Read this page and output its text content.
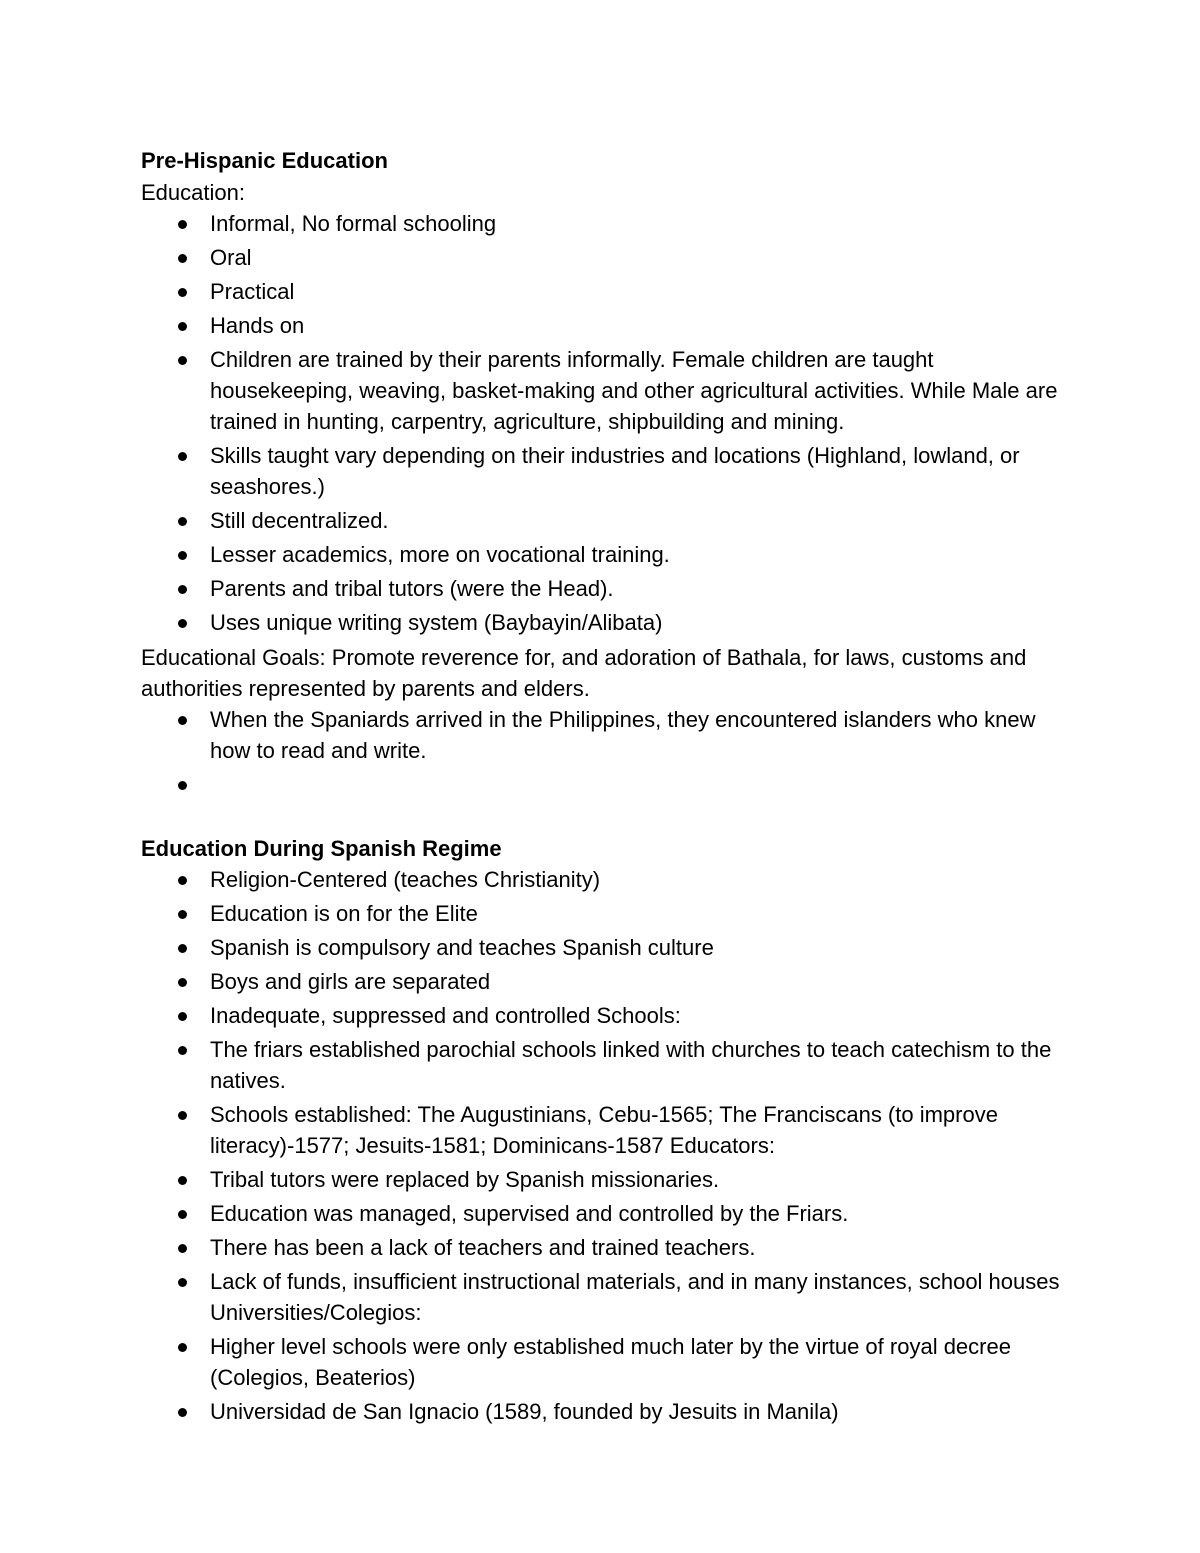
Pre-Hispanic Education

Education:

Informal, No formal schooling
Oral
Practical
Hands on
Children are trained by their parents informally. Female children are taught housekeeping, weaving, basket-making and other agricultural activities. While Male are trained in hunting, carpentry, agriculture, shipbuilding and mining.
Skills taught vary depending on their industries and locations (Highland, lowland, or seashores.)
Still decentralized.
Lesser academics, more on vocational training.
Parents and tribal tutors (were the Head).
Uses unique writing system (Baybayin/Alibata)

Educational Goals: Promote reverence for, and adoration of Bathala, for laws, customs and authorities represented by parents and elders.

When the Spaniards arrived in the Philippines, they encountered islanders who knew how to read and write.
Education During Spanish Regime
Religion-Centered (teaches Christianity)
Education is on for the Elite
Spanish is compulsory and teaches Spanish culture
Boys and girls are separated
Inadequate, suppressed and controlled Schools:
The friars established parochial schools linked with churches to teach catechism to the natives.
Schools established: The Augustinians, Cebu-1565; The Franciscans (to improve literacy)-1577; Jesuits-1581; Dominicans-1587 Educators:
Tribal tutors were replaced by Spanish missionaries.
Education was managed, supervised and controlled by the Friars.
There has been a lack of teachers and trained teachers.
Lack of funds, insufficient instructional materials, and in many instances, school houses Universities/Colegios:
Higher level schools were only established much later by the virtue of royal decree (Colegios, Beaterios)
Universidad de San Ignacio (1589, founded by Jesuits in Manila)
